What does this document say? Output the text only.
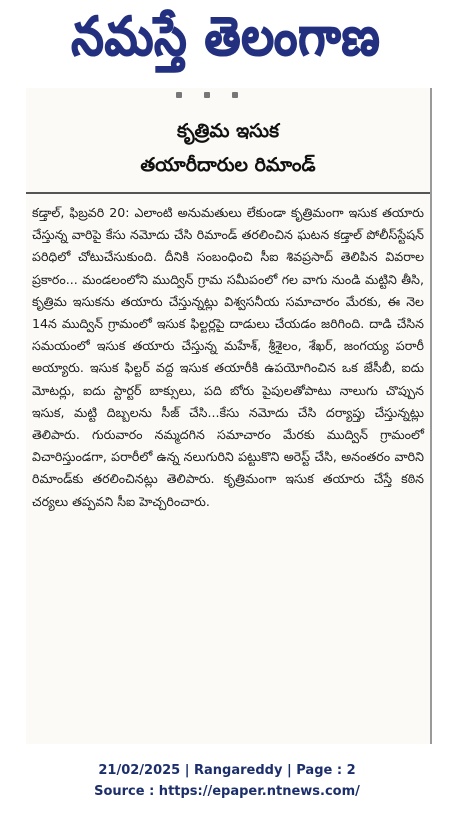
నమస్తే తెలంగాణ
కృత్రిమ ఇసుక
తయారీదారుల రిమాండ్

కడ్తాల్, ఫిబ్రవరి 20: ఎలాంటి అనుమతులు లేకుండా కృత్రిమంగా ఇసుక తయారు చేస్తున్న వారిపై కేసు నమోదు చేసి రిమాండ్ తరలించిన ఘటన కడ్తాల్ పోలీస్‌స్టేషన్ పరిధిలో చోటుచేసుకుంది. దీనికి సంబంధించి సీఐ శివప్రసాద్ తెలిపిన వివరాల ప్రకారం... మండలంలోని ముద్విన్ గ్రామ సమీపంలో గల వాగు నుండి మట్టిని తీసి, కృత్రిమ ఇసుకను తయారు చేస్తున్నట్లు విశ్వసనీయ సమాచారం మేరకు, ఈ నెల 14న ముద్విన్ గ్రామంలో ఇసుక ఫిల్టర్లపై దాడులు చేయడం జరిగింది. దాడి చేసిన సమయంలో ఇసుక తయారు చేస్తున్న మహేశ్, శ్రీశైలం, శేఖర్, జంగయ్య పరారీ అయ్యారు. ఇసుక ఫిల్టర్ వద్ద ఇసుక తయారీకి ఉపయోగించిన ఒక జేసీబీ, ఐదు మోటర్లు, ఐదు స్టార్టర్ బాక్సులు, పది బోరు పైపులతోపాటు నాలుగు చొప్పున ఇసుక, మట్టి దిబ్బలను సీజ్ చేసి...కేసు నమోదు చేసి దర్యాప్తు చేస్తున్నట్లు తెలిపారు. గురువారం నమ్మదగిన సమాచారం మేరకు ముద్విన్ గ్రామంలో విచారిస్తుండగా, పరారీలో ఉన్న నలుగురిని పట్టుకొని అరెస్ట్ చేసి, అనంతరం వారిని రిమాండ్‌కు తరలించినట్లు తెలిపారు. కృత్రిమంగా ఇసుక తయారు చేస్తే కఠిన చర్యలు తప్పవని సీఐ హెచ్చరించారు.

21/02/2025 | Rangareddy | Page : 2
Source : https://epaper.ntnews.com/
